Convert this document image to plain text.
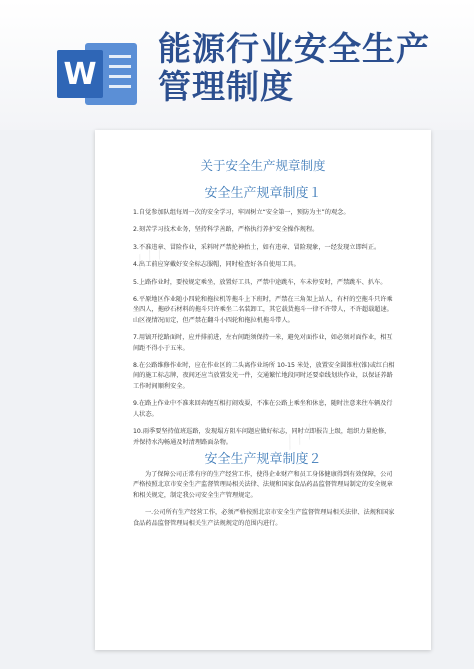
W
能源行业安全生产管理制度
╱ ╱ ╱
╱ ╱ ╱
关于安全生产规章制度
安全生产规章制度１

1.自觉参加队组每周一次的安全学习，牢固树立“安全第一，预防为主”的观念。

2.刻苦学习技术业务，坚持科学善路，严格执行养护安全操作规程。

3.不准违章、冒险作业，采料时严禁抡神抬土，如有违章、冒险现象，一经发现立即纠正。

4.出工前应穿戴好安全标志服帽，同时检查好各自使用工具。

5.上路作业时，要按规定乘坐，放置好工具，严禁中途跳车，车未停安时，严禁跳车、扒车。

6.平原地区作业随小四轮和拖拉机等拖斗上下班时，严禁在三角架上站人，有杆的空拖斗只许乘坐四人，拖砂石材料的拖斗只许乘坐二名装卸工，其它载货拖斗一律不许带人，不许超载超速。山区视情况而定，但严禁在翻斗小四轮和拖拉机拖斗带人。

7.用镐开挖路面时，应并排前进，左右间距须保持一米，避免对面作业，如必须对面作业，相互间距不得小于五米。

8.在公路维修作业时，应在作业区的二头离作业场所 10-15 米处，放置安全圆锥柱(锥)或红白相间的施工标志牌，夜间还应当放置发光一件，交通繁忙地段同时还要牵线划块作业，以保证养路工作时间顺利安全。

9.在路上作业中不准来回奔跑互相打闹戏耍，不准在公路上乘坐和休息，随时注意来往车辆及行人状态。

10.雨季要坚持值班巡路，发现塌方阻车问题应做好标志，同时立即报告上级，组织力量抢修，并保持水沟畅通及时清理路面杂物。

安全生产规章制度２

为了保障公司正常有序的生产经营工作，使得企业财产和员工身体健康得到有效保障，公司严格按照北京市安全生产监督管理局相关法律、法规和国家食品药品监督管理局制定的安全规章和相关规定，制定我公司安全生产管理规定。

一.公司所有生产经营工作，必须严格按照北京市安全生产监督管理局相关法律、法规和国家食品药品监督管理局相关生产法规规定的范围内进行。
